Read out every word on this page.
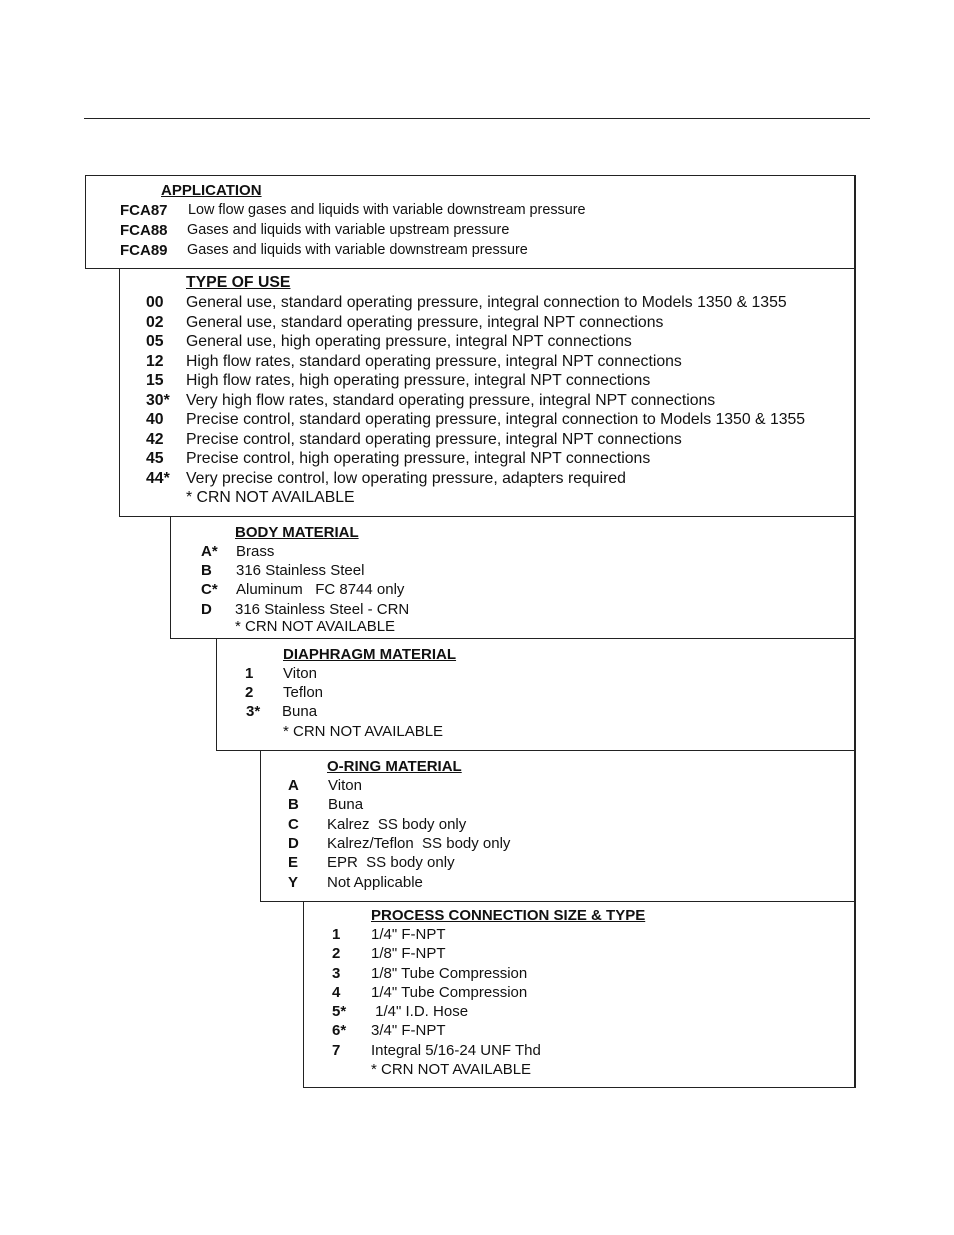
APPLICATION
FCA87 Low flow gases and liquids with variable downstream pressure
FCA88 Gases and liquids with variable upstream pressure
FCA89 Gases and liquids with variable downstream pressure
TYPE OF USE
00 General use, standard operating pressure, integral connection to Models 1350 & 1355
02 General use, standard operating pressure, integral NPT connections
05 General use, high operating pressure, integral NPT connections
12 High flow rates, standard operating pressure, integral NPT connections
15 High flow rates, high operating pressure, integral NPT connections
30* Very high flow rates, standard operating pressure, integral NPT connections
40 Precise control, standard operating pressure, integral connection to Models 1350 & 1355
42 Precise control, standard operating pressure, integral NPT connections
45 Precise control, high operating pressure, integral NPT connections
44* Very precise control, low operating pressure, adapters required
* CRN NOT AVAILABLE
BODY MATERIAL
A* Brass
B 316 Stainless Steel
C* Aluminum   FC 8744 only
D 316 Stainless Steel - CRN
* CRN NOT AVAILABLE
DIAPHRAGM MATERIAL
1 Viton
2 Teflon
3* Buna
* CRN NOT AVAILABLE
O-RING MATERIAL
A Viton
B Buna
C Kalrez  SS body only
D Kalrez/Teflon  SS body only
E EPR  SS body only
Y Not Applicable
PROCESS CONNECTION SIZE & TYPE
1 1/4" F-NPT
2 1/8" F-NPT
3 1/8" Tube Compression
4 1/4" Tube Compression
5* 1/4" I.D. Hose
6* 3/4" F-NPT
7 Integral 5/16-24 UNF Thd
* CRN NOT AVAILABLE
